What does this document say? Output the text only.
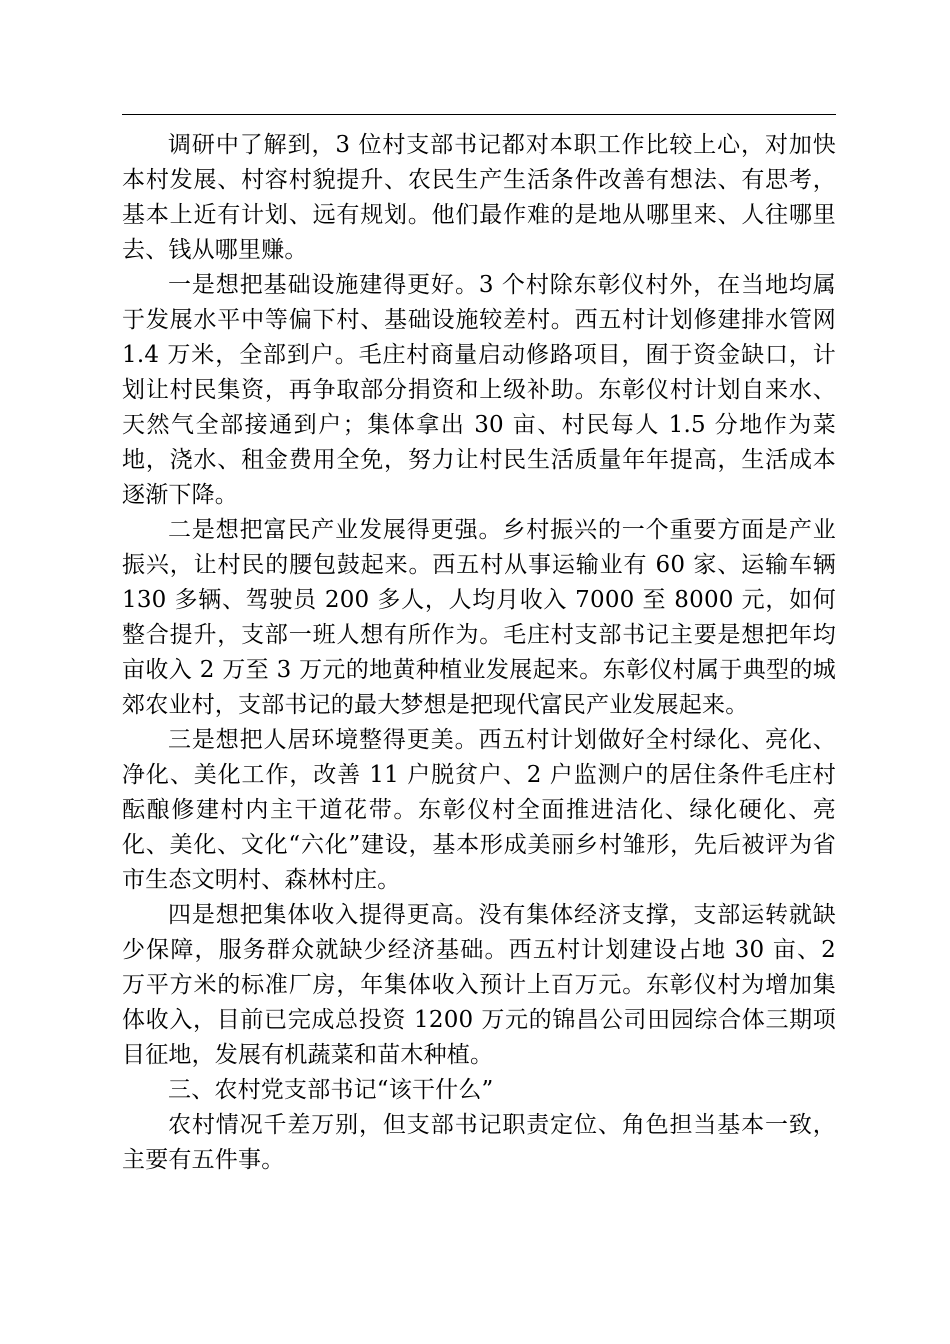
调研中了解到，3 位村支部书记都对本职工作比较上心，对加快本村发展、村容村貌提升、农民生产生活条件改善有想法、有思考，基本上近有计划、远有规划。他们最作难的是地从哪里来、人往哪里去、钱从哪里赚。

一是想把基础设施建得更好。3 个村除东彰仪村外，在当地均属于发展水平中等偏下村、基础设施较差村。西五村计划修建排水管网 1.4 万米，全部到户。毛庄村商量启动修路项目，囿于资金缺口，计划让村民集资，再争取部分捐资和上级补助。东彰仪村计划自来水、天然气全部接通到户；集体拿出 30 亩、村民每人 1.5 分地作为菜地，浇水、租金费用全免，努力让村民生活质量年年提高，生活成本逐渐下降。

二是想把富民产业发展得更强。乡村振兴的一个重要方面是产业振兴，让村民的腰包鼓起来。西五村从事运输业有 60 家、运输车辆 130 多辆、驾驶员 200 多人，人均月收入 7000 至 8000 元，如何整合提升，支部一班人想有所作为。毛庄村支部书记主要是想把年均亩收入 2 万至 3 万元的地黄种植业发展起来。东彰仪村属于典型的城郊农业村，支部书记的最大梦想是把现代富民产业发展起来。

三是想把人居环境整得更美。西五村计划做好全村绿化、亮化、净化、美化工作，改善 11 户脱贫户、2 户监测户的居住条件毛庄村酝酿修建村内主干道花带。东彰仪村全面推进洁化、绿化硬化、亮化、美化、文化“六化”建设，基本形成美丽乡村雏形，先后被评为省市生态文明村、森林村庄。

四是想把集体收入提得更高。没有集体经济支撑，支部运转就缺少保障，服务群众就缺少经济基础。西五村计划建设占地 30 亩、2 万平方米的标准厂房，年集体收入预计上百万元。东彰仪村为增加集体收入，目前已完成总投资 1200 万元的锦昌公司田园综合体三期项目征地，发展有机蔬菜和苗木种植。

三、农村党支部书记“该干什么”

农村情况千差万别，但支部书记职责定位、角色担当基本一致，主要有五件事。
